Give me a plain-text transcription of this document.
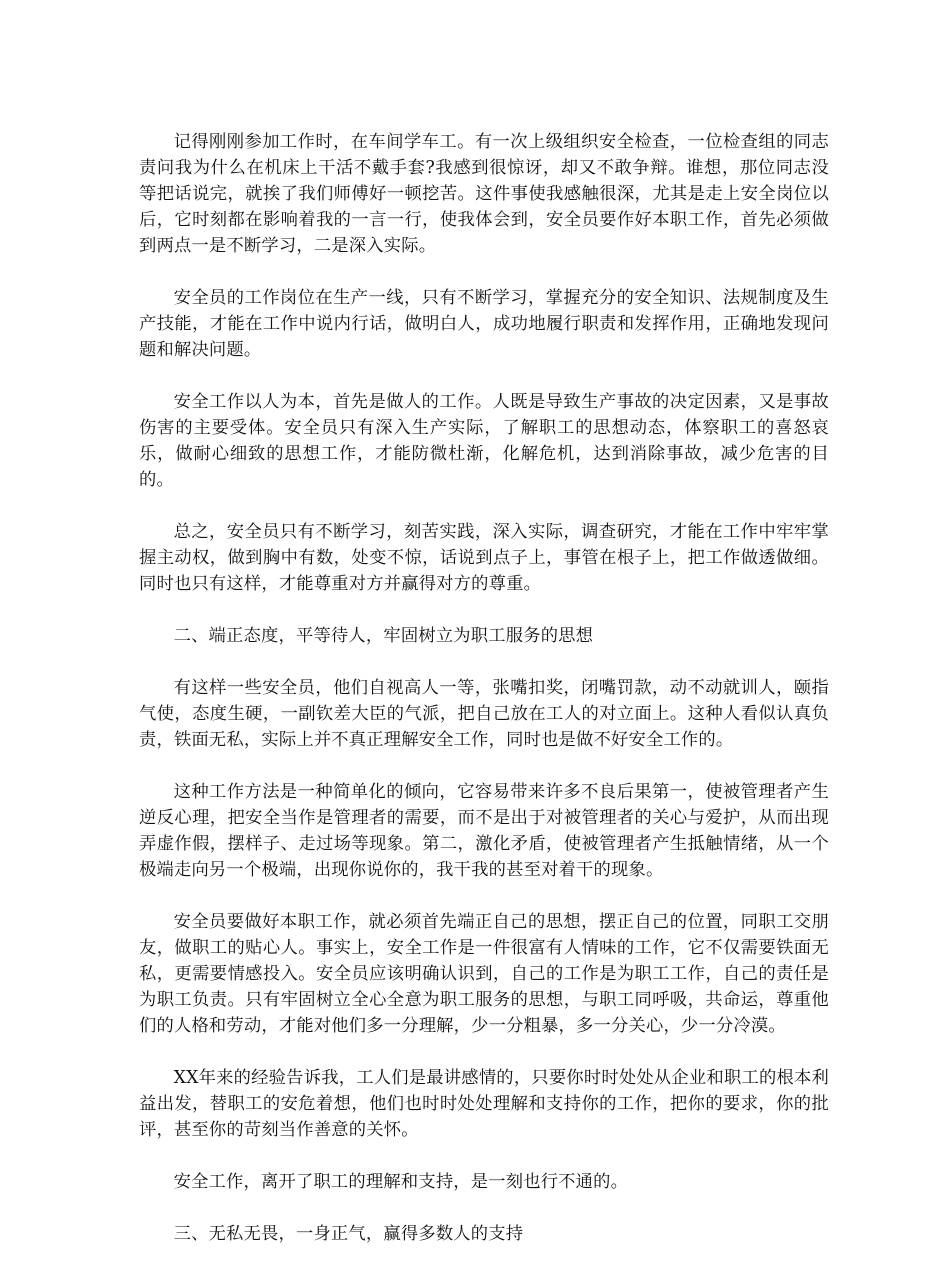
记得刚刚参加工作时，在车间学车工。有一次上级组织安全检查，一位检查组的同志责问我为什么在机床上干活不戴手套?我感到很惊讶，却又不敢争辩。谁想，那位同志没等把话说完，就挨了我们师傅好一顿挖苦。这件事使我感触很深，尤其是走上安全岗位以后，它时刻都在影响着我的一言一行，使我体会到，安全员要作好本职工作，首先必须做到两点一是不断学习，二是深入实际。

安全员的工作岗位在生产一线，只有不断学习，掌握充分的安全知识、法规制度及生产技能，才能在工作中说内行话，做明白人，成功地履行职责和发挥作用，正确地发现问题和解决问题。

安全工作以人为本，首先是做人的工作。人既是导致生产事故的决定因素，又是事故伤害的主要受体。安全员只有深入生产实际，了解职工的思想动态，体察职工的喜怒哀乐，做耐心细致的思想工作，才能防微杜渐，化解危机，达到消除事故，减少危害的目的。

总之，安全员只有不断学习，刻苦实践，深入实际，调查研究，才能在工作中牢牢掌握主动权，做到胸中有数，处变不惊，话说到点子上，事管在根子上，把工作做透做细。同时也只有这样，才能尊重对方并赢得对方的尊重。

二、端正态度，平等待人，牢固树立为职工服务的思想

有这样一些安全员，他们自视高人一等，张嘴扣奖，闭嘴罚款，动不动就训人，颐指气使，态度生硬，一副钦差大臣的气派，把自己放在工人的对立面上。这种人看似认真负责，铁面无私，实际上并不真正理解安全工作，同时也是做不好安全工作的。

这种工作方法是一种简单化的倾向，它容易带来许多不良后果第一，使被管理者产生逆反心理，把安全当作是管理者的需要，而不是出于对被管理者的关心与爱护，从而出现弄虚作假，摆样子、走过场等现象。第二，激化矛盾，使被管理者产生抵触情绪，从一个极端走向另一个极端，出现你说你的，我干我的甚至对着干的现象。

安全员要做好本职工作，就必须首先端正自己的思想，摆正自己的位置，同职工交朋友，做职工的贴心人。事实上，安全工作是一件很富有人情味的工作，它不仅需要铁面无私，更需要情感投入。安全员应该明确认识到，自己的工作是为职工工作，自己的责任是为职工负责。只有牢固树立全心全意为职工服务的思想，与职工同呼吸，共命运，尊重他们的人格和劳动，才能对他们多一分理解，少一分粗暴，多一分关心，少一分冷漠。

XX年来的经验告诉我，工人们是最讲感情的，只要你时时处处从企业和职工的根本利益出发，替职工的安危着想，他们也时时处处理解和支持你的工作，把你的要求，你的批评，甚至你的苛刻当作善意的关怀。

安全工作，离开了职工的理解和支持，是一刻也行不通的。

三、无私无畏，一身正气，赢得多数人的支持
